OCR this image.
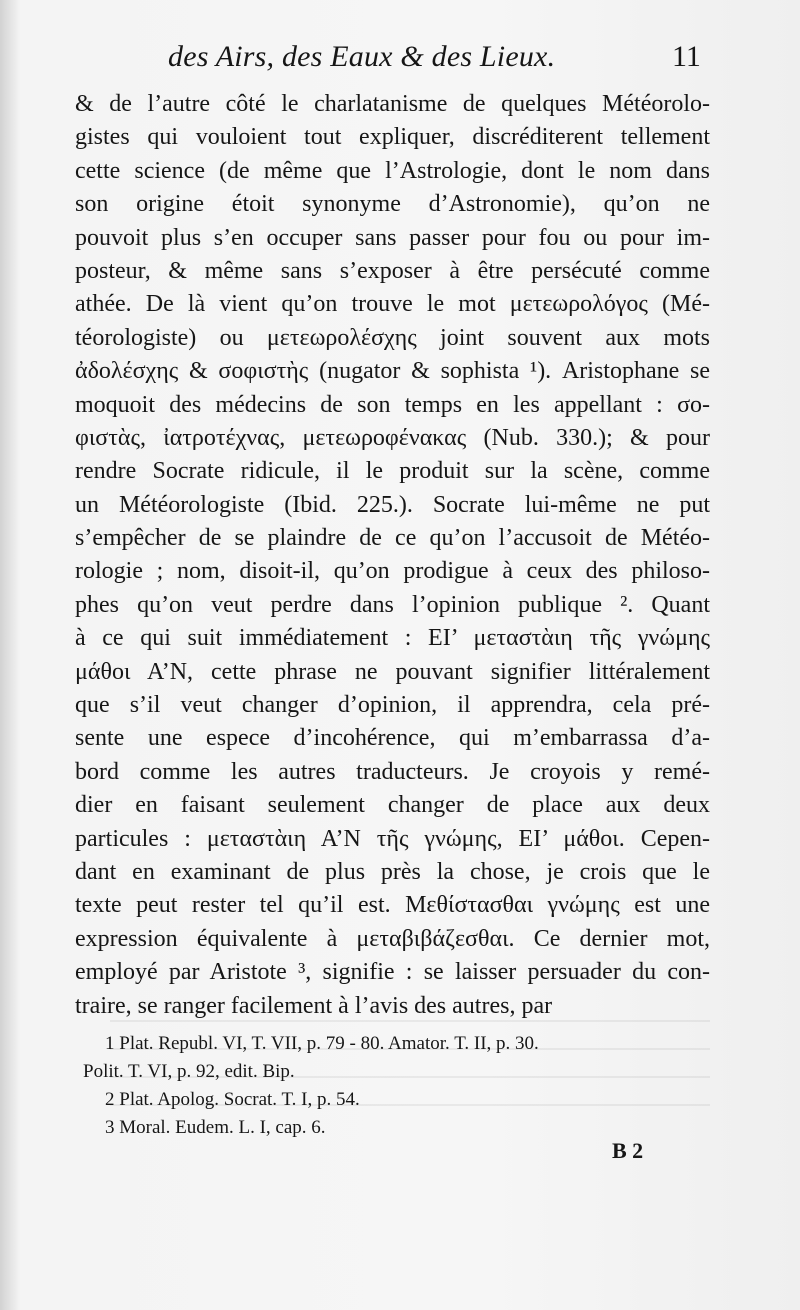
des Airs, des Eaux & des Lieux.	11
& de l’autre côté le charlatanisme de quelques Météorolo-
gistes qui vouloient tout expliquer, discréditerent tellement
cette science (de même que l’Astrologie, dont le nom dans
son origine étoit synonyme d’Astronomie), qu’on ne
pouvoit plus s’en occuper sans passer pour fou ou pour im-
posteur, & même sans s’exposer à être persécuté comme
athée. De là vient qu’on trouve le mot μετεωρολόγος (Mé-
téorologiste) ou μετεωρολέσχης joint souvent aux mots
ἀδολέσχης & σοφιστὴς (nugator & sophista ¹). Aristophane se
moquoit des médecins de son temps en les appellant : σο-
φιστὰς, ἰατροτέχνας, μετεωροφένακας (Nub. 330.); & pour
rendre Socrate ridicule, il le produit sur la scène, comme
un Météorologiste (Ibid. 225.). Socrate lui-même ne put
s’empêcher de se plaindre de ce qu’on l’accusoit de Météo-
rologie ; nom, disoit-il, qu’on prodigue à ceux des philoso-
phes qu’on veut perdre dans l’opinion publique ². Quant
à ce qui suit immédiatement : ΕΙ’ μεταστὰιη τῆς γνώμης
μάθοι Α’Ν, cette phrase ne pouvant signifier littéralement
que s’il veut changer d’opinion, il apprendra, cela pré-
sente une espece d’incohérence, qui m’embarrassa d’a-
bord comme les autres traducteurs. Je croyois y remé-
dier en faisant seulement changer de place aux deux
particules : μεταστὰιη Α’Ν τῆς γνώμης, ΕΙ’ μάθοι. Cepen-
dant en examinant de plus près la chose, je crois que le
texte peut rester tel qu’il est. Μεθίστασθαι γνώμης est une
expression équivalente à μεταβιβάζεσθαι. Ce dernier mot,
employé par Aristote ³, signifie : se laisser persuader du con-
traire, se ranger facilement à l’avis des autres, par
1 Plat. Republ. VI, T. VII, p. 79 - 80. Amator. T. II, p. 30.
Polit. T. VI, p. 92, edit. Bip.
2 Plat. Apolog. Socrat. T. I, p. 54.
3 Moral. Eudem. L. I, cap. 6.
B 2
